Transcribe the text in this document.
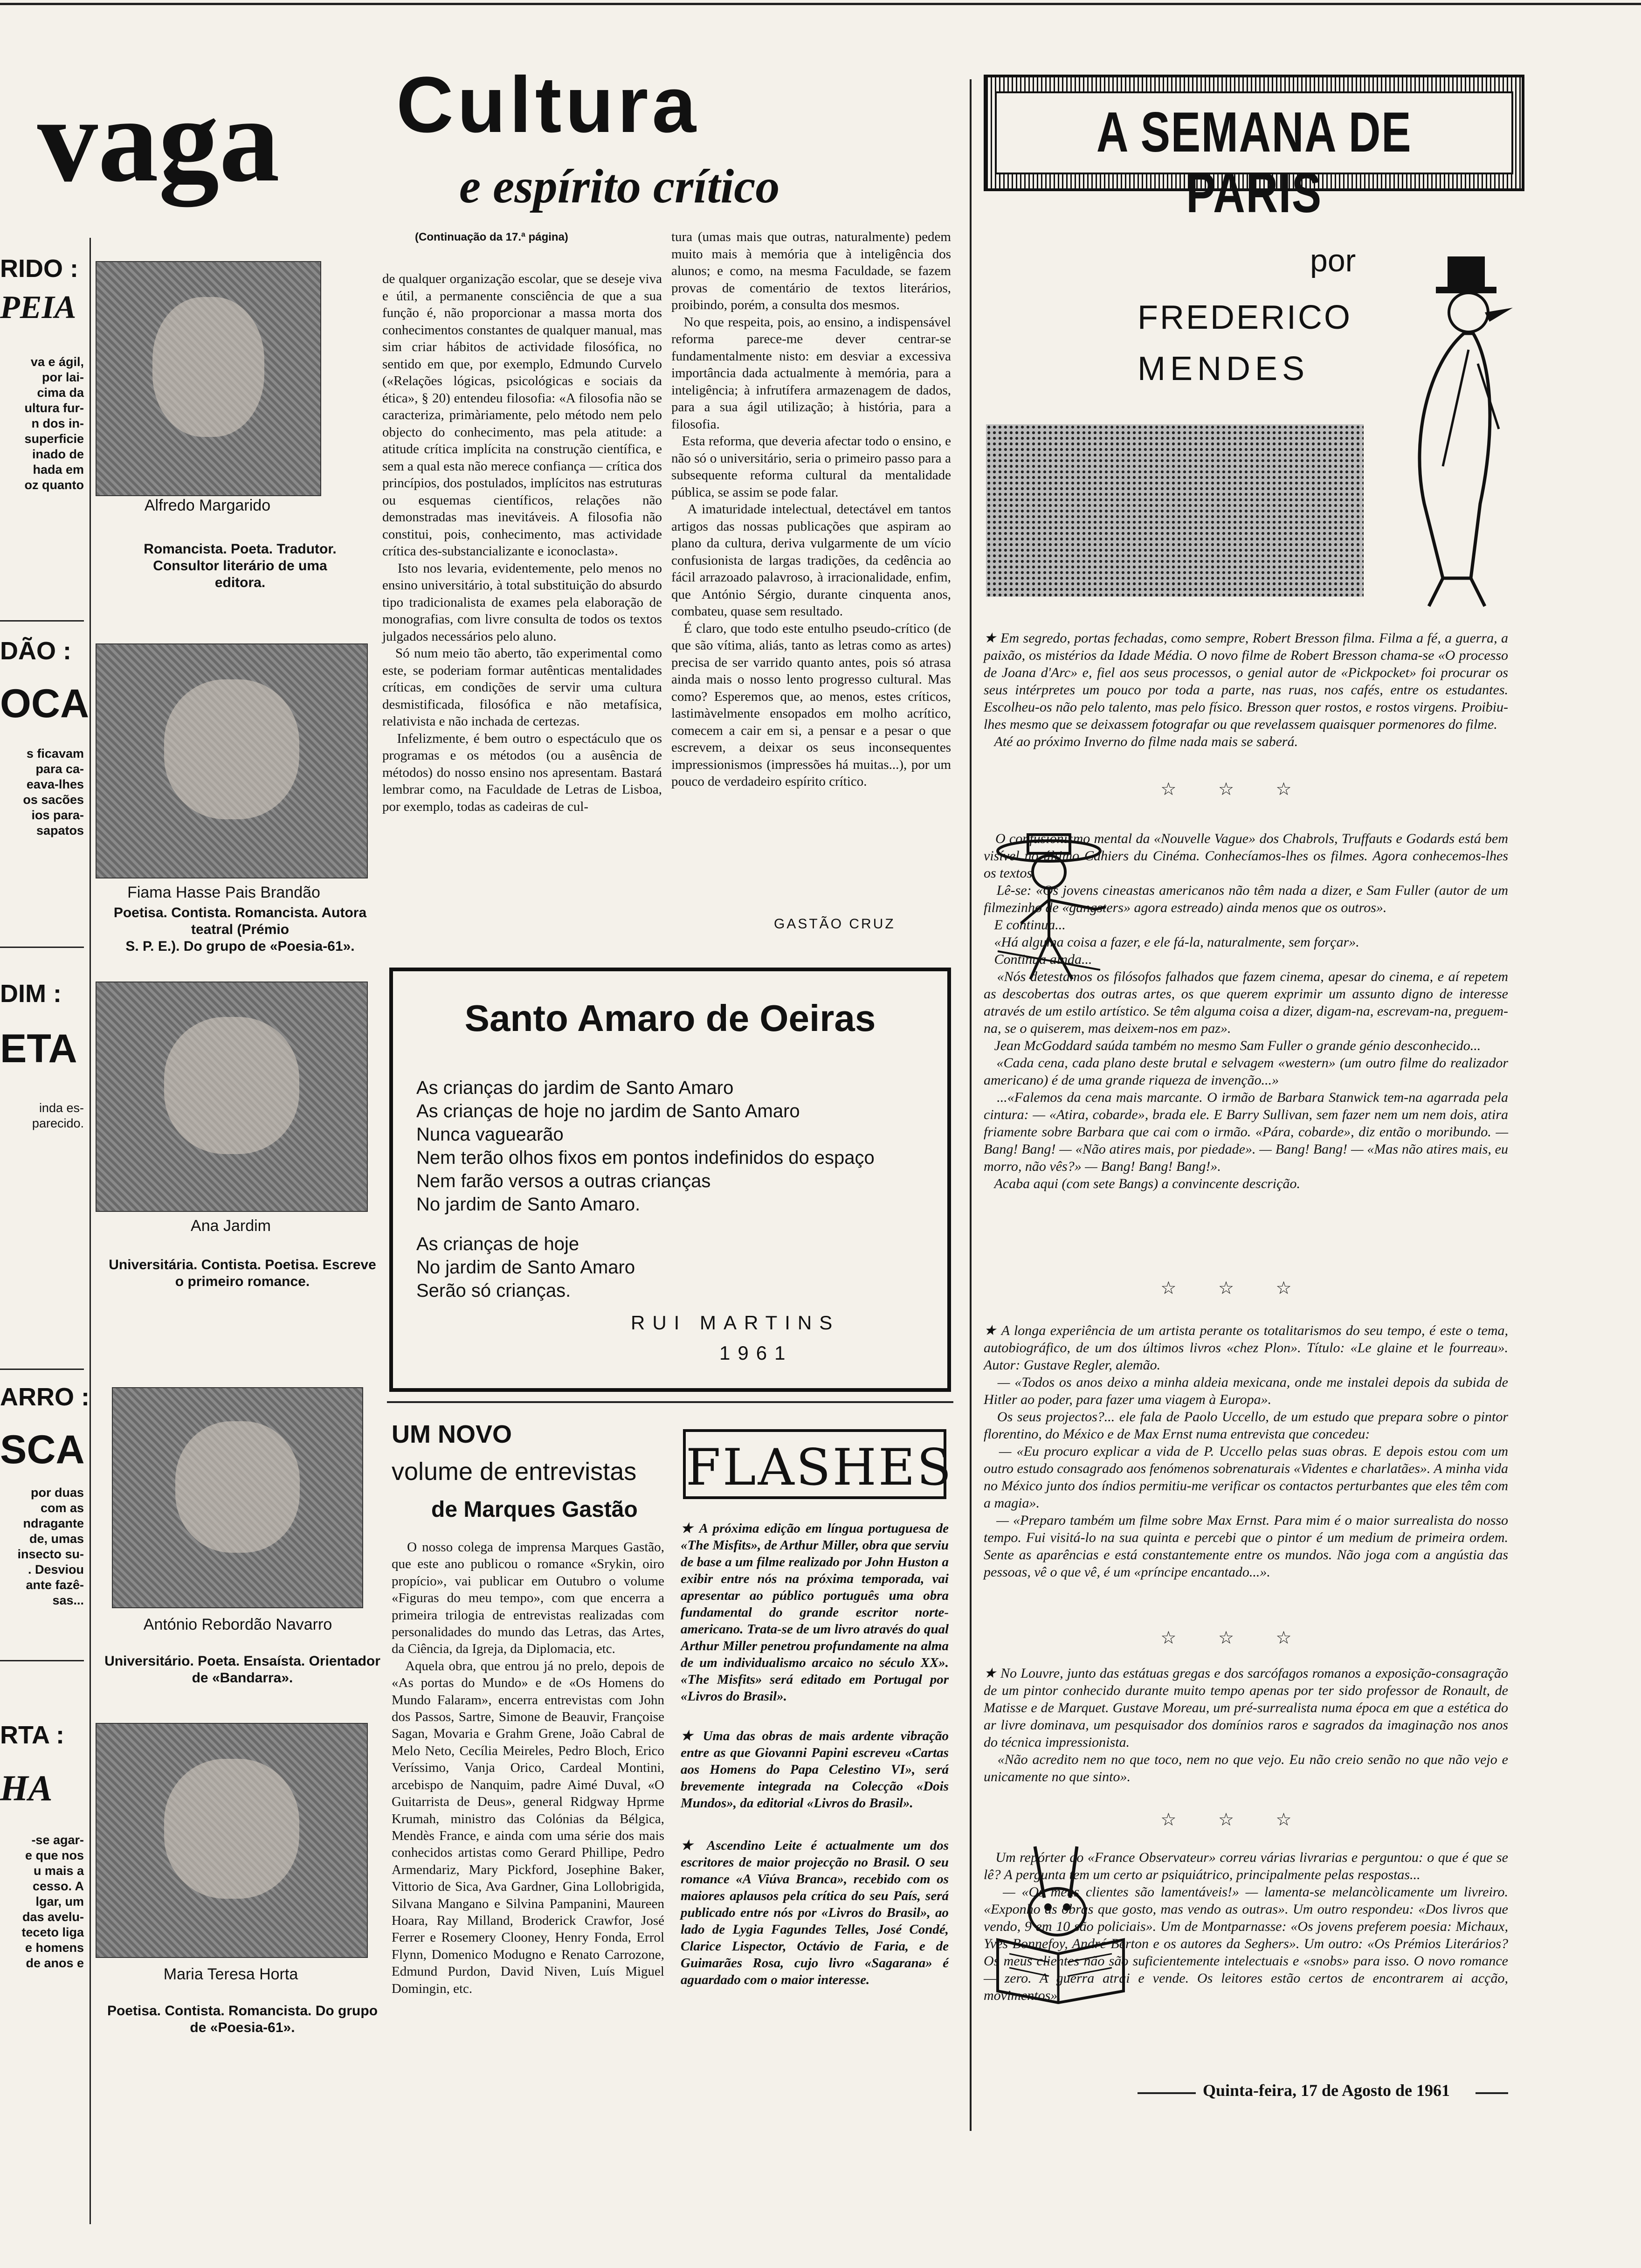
vaga
RIDO :
PEIA
va e ágil,
por lai-
cima da
ultura fur-
n dos in-
superficie
inado de
hada em
oz quanto
DÃO :
OCA
s ficavam
para ca-
eava-lhes
os sacões
ios para-
sapatos
DIM :
ETA
inda es-
parecido.
ARRO :
SCA
por duas
com as
ndragante
de, umas
insecto su-
. Desviou
ante fazê-
sas...
RTA :
HA
-se agar-
e que nos
u mais a
cesso. A
lgar, um
das avelu-
teceto liga
e homens
de anos e
Cultura
e espírito crítico
(Continuação da 17.ª página)
Alfredo Margarido
Romancista. Poeta. Tradutor.
Consultor literário de uma
editora.
Fiama Hasse Pais Brandão
Poetisa. Contista. Romancista. Autora teatral (Prémio
S. P. E.). Do grupo de «Poesia-61».
Ana Jardim
Universitária. Contista. Poetisa. Escreve o primeiro romance.
António Rebordão Navarro
Universitário. Poeta. Ensaísta. Orientador de «Bandarra».
Maria Teresa Horta
Poetisa. Contista. Romancista. Do grupo de «Poesia-61».
de qualquer organização escolar, que se deseje viva e útil, a permanente consciência de que a sua função é, não proporcionar a massa morta dos conhecimentos constantes de qualquer manual, mas sim criar hábitos de actividade filosófica, no sentido em que, por exemplo, Edmundo Curvelo («Relações lógicas, psicológicas e sociais da ética», § 20) entendeu filosofia: «A filosofia não se caracteriza, primàriamente, pelo método nem pelo objecto do conhecimento, mas pela atitude: a atitude crítica implícita na construção científica, e sem a qual esta não merece confiança — crítica dos princípios, dos postulados, implícitos nas estruturas ou esquemas científicos, relações não demonstradas mas inevitáveis. A filosofia não constitui, pois, conhecimento, mas actividade crítica des-substancializante e iconoclasta».
Isto nos levaria, evidentemente, pelo menos no ensino universitário, à total substituição do absurdo tipo tradicionalista de exames pela elaboração de monografias, com livre consulta de todos os textos julgados necessários pelo aluno.
Só num meio tão aberto, tão experimental como este, se poderiam formar autênticas mentalidades críticas, em condições de servir uma cultura desmistificada, filosófica e não metafísica, relativista e não inchada de certezas.
Infelizmente, é bem outro o espectáculo que os programas e os métodos (ou a ausência de métodos) do nosso ensino nos apresentam. Bastará lembrar como, na Faculdade de Letras de Lisboa, por exemplo, todas as cadeiras de cul-
tura (umas mais que outras, naturalmente) pedem muito mais à memória que à inteligência dos alunos; e como, na mesma Faculdade, se fazem provas de comentário de textos literários, proibindo, porém, a consulta dos mesmos.
No que respeita, pois, ao ensino, a indispensável reforma parece-me dever centrar-se fundamentalmente nisto: em desviar a excessiva importância dada actualmente à memória, para a inteligência; à infrutífera armazenagem de dados, para a sua ágil utilização; à história, para a filosofia.
Esta reforma, que deveria afectar todo o ensino, e não só o universitário, seria o primeiro passo para a subsequente reforma cultural da mentalidade pública, se assim se pode falar.
A imaturidade intelectual, detectável em tantos artigos das nossas publicações que aspiram ao plano da cultura, deriva vulgarmente de um vício confusionista de largas tradições, da cedência ao fácil arrazoado palavroso, à irracionalidade, enfim, que António Sérgio, durante cinquenta anos, combateu, quase sem resultado.
É claro, que todo este entulho pseudo-crítico (de que são vítima, aliás, tanto as letras como as artes) precisa de ser varrido quanto antes, pois só atrasa ainda mais o nosso lento progresso cultural. Mas como? Esperemos que, ao menos, estes críticos, lastimàvelmente ensopados em molho acrítico, comecem a cair em si, a pensar e a pesar o que escrevem, a deixar os seus inconsequentes impressionismos (impressões há muitas...), por um pouco de verdadeiro espírito crítico.
GASTÃO CRUZ
Santo Amaro de Oeiras
As crianças do jardim de Santo Amaro
As crianças de hoje no jardim de Santo Amaro
Nunca vaguearão
Nem terão olhos fixos em pontos indefinidos do espaço
Nem farão versos a outras crianças
No jardim de Santo Amaro.
As crianças de hoje
No jardim de Santo Amaro
Serão só crianças.
RUI MARTINS
1961
UM NOVO
volume de entrevistas
de Marques Gastão
O nosso colega de imprensa Marques Gastão, que este ano publicou o romance «Srykin, oiro propício», vai publicar em Outubro o volume «Figuras do meu tempo», com que encerra a primeira trilogia de entrevistas realizadas com personalidades do mundo das Letras, das Artes, da Ciência, da Igreja, da Diplomacia, etc.
Aquela obra, que entrou já no prelo, depois de «As portas do Mundo» e de «Os Homens do Mundo Falaram», encerra entrevistas com John dos Passos, Sartre, Simone de Beauvir, Françoise Sagan, Movaria e Grahm Grene, João Cabral de Melo Neto, Cecília Meireles, Pedro Bloch, Erico Veríssimo, Vanja Orico, Cardeal Montini, arcebispo de Nanquim, padre Aimé Duval, «O Guitarrista de Deus», general Ridgway Hprme Krumah, ministro das Colónias da Bélgica, Mendès France, e ainda com uma série dos mais conhecidos artistas como Gerard Phillipe, Pedro Armendariz, Mary Pickford, Josephine Baker, Vittorio de Sica, Ava Gardner, Gina Lollobrigida, Silvana Mangano e Silvina Pampanini, Maureen Hoara, Ray Milland, Broderick Crawfor, José Ferrer e Rosemery Clooney, Henry Fonda, Errol Flynn, Domenico Modugno e Renato Carrozone, Edmund Purdon, David Niven, Luís Miguel Domingin, etc.
FLASHES
★ A próxima edição em língua portuguesa de «The Misfits», de Arthur Miller, obra que serviu de base a um filme realizado por John Huston a exibir entre nós na próxima temporada, vai apresentar ao público português uma obra fundamental do grande escritor norte-americano. Trata-se de um livro através do qual Arthur Miller penetrou profundamente na alma de um individualismo arcaico no século XX». «The Misfits» será editado em Portugal por «Livros do Brasil».
★ Uma das obras de mais ardente vibração entre as que Giovanni Papini escreveu «Cartas aos Homens do Papa Celestino VI», será brevemente integrada na Colecção «Dois Mundos», da editorial «Livros do Brasil».
★ Ascendino Leite é actualmente um dos escritores de maior projecção no Brasil. O seu romance «A Viúva Branca», recebido com os maiores aplausos pela crítica do seu País, será publicado entre nós por «Livros do Brasil», ao lado de Lygia Fagundes Telles, José Condé, Clarice Lispector, Octávio de Faria, e de Guimarães Rosa, cujo livro «Sagarana» é aguardado com o maior interesse.
A SEMANA DE PARIS
por
FREDERICO
MENDES
★ Em segredo, portas fechadas, como sempre, Robert Bresson filma. Filma a fé, a guerra, a paixão, os mistérios da Idade Média. O novo filme de Robert Bresson chama-se «O processo de Joana d'Arc» e, fiel aos seus processos, o genial autor de «Pickpocket» foi procurar os seus intérpretes um pouco por toda a parte, nas ruas, nos cafés, entre os estudantes. Escolheu-os não pelo talento, mas pelo físico. Bresson quer rostos, e rostos virgens. Proibiu-lhes mesmo que se deixassem fotografar ou que revelassem quaisquer pormenores do filme.
Até ao próximo Inverno do filme nada mais se saberá.
☆ ☆ ☆
O confusionismo mental da «Nouvelle Vague» dos Chabrols, Truffauts e Godards está bem visível no último Cahiers du Cinéma. Conhecíamos-lhes os filmes. Agora conhecemos-lhes os textos.
Lê-se: «Os jovens cineastas americanos não têm nada a dizer, e Sam Fuller (autor de um filmezinho de «gangsters» agora estreado) ainda menos que os outros».
E continua...
«Há alguma coisa a fazer, e ele fá-la, naturalmente, sem forçar».
Continua ainda...
«Nós detestamos os filósofos falhados que fazem cinema, apesar do cinema, e aí repetem as descobertas dos outras artes, os que querem exprimir um assunto digno de interesse através de um estilo artístico. Se têm alguma coisa a dizer, digam-na, escrevam-na, preguem-na, se o quiserem, mas deixem-nos em paz».
Jean McGoddard saúda também no mesmo Sam Fuller o grande génio desconhecido...
«Cada cena, cada plano deste brutal e selvagem «western» (um outro filme do realizador americano) é de uma grande riqueza de invenção...»
...«Falemos da cena mais marcante. O irmão de Barbara Stanwick tem-na agarrada pela cintura: — «Atira, cobarde», brada ele. E Barry Sullivan, sem fazer nem um nem dois, atira friamente sobre Barbara que cai com o irmão. «Pára, cobarde», diz então o moribundo. — Bang! Bang! — «Não atires mais, por piedade». — Bang! Bang! — «Mas não atires mais, eu morro, não vês?» — Bang! Bang! Bang!».
Acaba aqui (com sete Bangs) a convincente descrição.
☆ ☆ ☆
★ A longa experiência de um artista perante os totalitarismos do seu tempo, é este o tema, autobiográfico, de um dos últimos livros «chez Plon». Título: «Le glaine et le fourreau». Autor: Gustave Regler, alemão.
— «Todos os anos deixo a minha aldeia mexicana, onde me instalei depois da subida de Hitler ao poder, para fazer uma viagem à Europa».
Os seus projectos?... ele fala de Paolo Uccello, de um estudo que prepara sobre o pintor florentino, do México e de Max Ernst numa entrevista que concedeu:
— «Eu procuro explicar a vida de P. Uccello pelas suas obras. E depois estou com um outro estudo consagrado aos fenómenos sobrenaturais «Videntes e charlatães». A minha vida no México junto dos índios permitiu-me verificar os contactos perturbantes que eles têm com a magia».
— «Preparo também um filme sobre Max Ernst. Para mim é o maior surrealista do nosso tempo. Fui visitá-lo na sua quinta e percebi que o pintor é um medium de primeira ordem. Sente as aparências e está constantemente entre os mundos. Não joga com a angústia das pessoas, vê o que vê, é um «príncipe encantado...».
☆ ☆ ☆
★ No Louvre, junto das estátuas gregas e dos sarcófagos romanos a exposição-consagração de um pintor conhecido durante muito tempo apenas por ter sido professor de Ronault, de Matisse e de Marquet. Gustave Moreau, um pré-surrealista numa época em que a estética do ar livre dominava, um pesquisador dos domínios raros e sagrados da imaginação nos anos do técnica impressionista.
«Não acredito nem no que toco, nem no que vejo. Eu não creio senão no que não vejo e unicamente no que sinto».
☆ ☆ ☆
Um repórter do «France Observateur» correu várias livrarias e perguntou: o que é que se lê? A pergunta tem um certo ar psiquiátrico, principalmente pelas respostas...
— «Os meus clientes são lamentáveis!» — lamenta-se melancòlicamente um livreiro. «Exponho as obras que gosto, mas vendo as outras». Um outro respondeu: «Dos livros que vendo, 9 em 10 são policiais». Um de Montparnasse: «Os jovens preferem poesia: Michaux, Yves Bonnefoy, André Berton e os autores da Seghers». Um outro: «Os Prémios Literários? Os meus clientes não são suficientemente intelectuais e «snobs» para isso. O novo romance — zero. A guerra atrai e vende. Os leitores estão certos de encontrarem ai acção, movimentos».
Quinta-feira, 17 de Agosto de 1961
